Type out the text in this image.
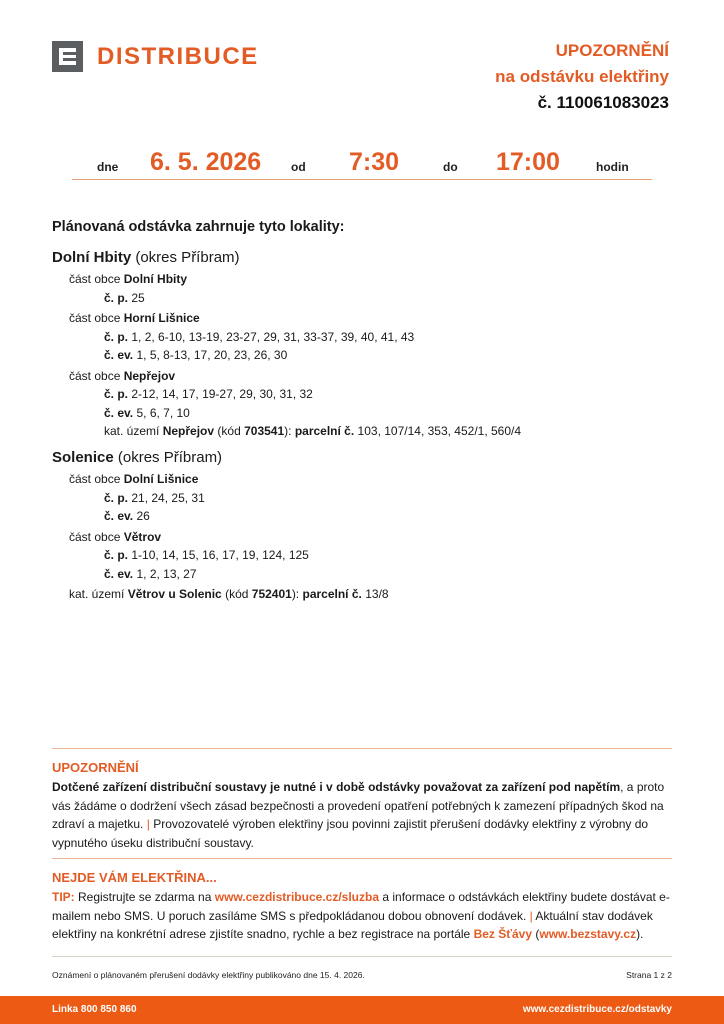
DISTRIBUCE	UPOZORNĚNÍ
na odstávku elektřiny
č. 110061083023
dne 6. 5. 2026 od 7:30	do 17:00	hodin
Plánovaná odstávka zahrnuje tyto lokality:
Dolní Hbity (okres Příbram)
část obce Dolní Hbity
č. p. 25
část obce Horní Lišnice
č. p. 1, 2, 6-10, 13-19, 23-27, 29, 31, 33-37, 39, 40, 41, 43
č. ev. 1, 5, 8-13, 17, 20, 23, 26, 30
část obce Nepřejov
č. p. 2-12, 14, 17, 19-27, 29, 30, 31, 32
č. ev. 5, 6, 7, 10
kat. území Nepřejov (kód 703541): parcelní č. 103, 107/14, 353, 452/1, 560/4
Solenice (okres Příbram)
část obce Dolní Lišnice
č. p. 21, 24, 25, 31
č. ev. 26
část obce Větrov
č. p. 1-10, 14, 15, 16, 17, 19, 124, 125
č. ev. 1, 2, 13, 27
kat. území Větrov u Solenic (kód 752401): parcelní č. 13/8
UPOZORNĚNÍ
Dotčené zařízení distribuční soustavy je nutné i v době odstávky považovat za zařízení pod napětím, a proto vás žádáme o dodržení všech zásad bezpečnosti a provedení opatření potřebných k zamezení případných škod na zdraví a majetku. | Provozovatelé výroben elektřiny jsou povinni zajistit přerušení dodávky elektřiny z výrobny do vypnutého úseku distribuční soustavy.
NEJDE VÁM ELEKTŘINA...
TIP: Registrujte se zdarma na www.cezdistribuce.cz/sluzba a informace o odstávkách elektřiny budete dostávat e-mailem nebo SMS. U poruch zasíláme SMS s předpokládanou dobou obnovení dodávek. | Aktuální stav dodávek elektřiny na konkrétní adrese zjistíte snadno, rychle a bez registrace na portále Bez Šťávy (www.bezstavy.cz).
Oznámení o plánovaném přerušení dodávky elektřiny publikováno dne 15. 4. 2026.	Strana 1 z 2
Linka 800 850 860	www.cezdistribuce.cz/odstavky
